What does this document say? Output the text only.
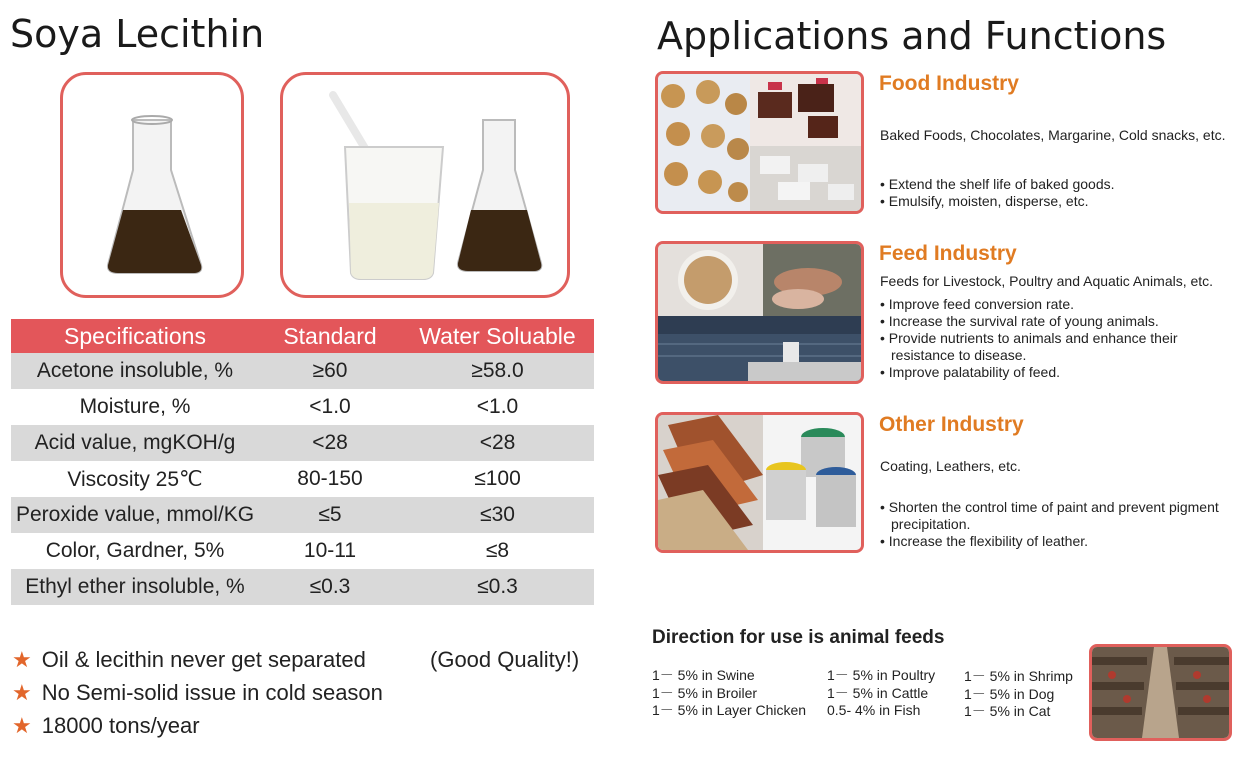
Soya Lecithin
Specifications	Standard	Water Soluable
Acetone insoluble, %	≥60	≥58.0
Moisture, %	<1.0	<1.0
Acid value, mgKOH/g	<28	<28
Viscosity 25℃	80-150	≤100
Peroxide value, mmol/KG	≤5	≤30
Color, Gardner, 5%	10-11	≤8
Ethyl ether insoluble, %	≤0.3	≤0.3
★ Oil & lecithin never get separated	(Good Quality!)
★ No Semi-solid issue in cold season
★ 18000 tons/year
Applications and Functions
Food Industry
Baked Foods, Chocolates, Margarine, Cold snacks, etc.
• Extend the shelf life of baked goods.
• Emulsify, moisten, disperse, etc.
Feed Industry
Feeds for Livestock, Poultry and Aquatic Animals, etc.
• Improve feed conversion rate.
• Increase the survival rate of young animals.
• Provide nutrients to animals and enhance their
resistance to disease.
• Improve palatability of feed.
Other Industry
Coating, Leathers, etc.
• Shorten the control time of paint and prevent pigment
precipitation.
• Increase the flexibility of leather.
Direction for use is animal feeds
1－ 5% in Swine
1－ 5% in Broiler
1－ 5% in Layer Chicken
1－ 5% in Poultry
1－ 5% in Cattle
0.5- 4% in Fish
1－ 5% in Shrimp
1－ 5% in Dog
1－ 5% in Cat
